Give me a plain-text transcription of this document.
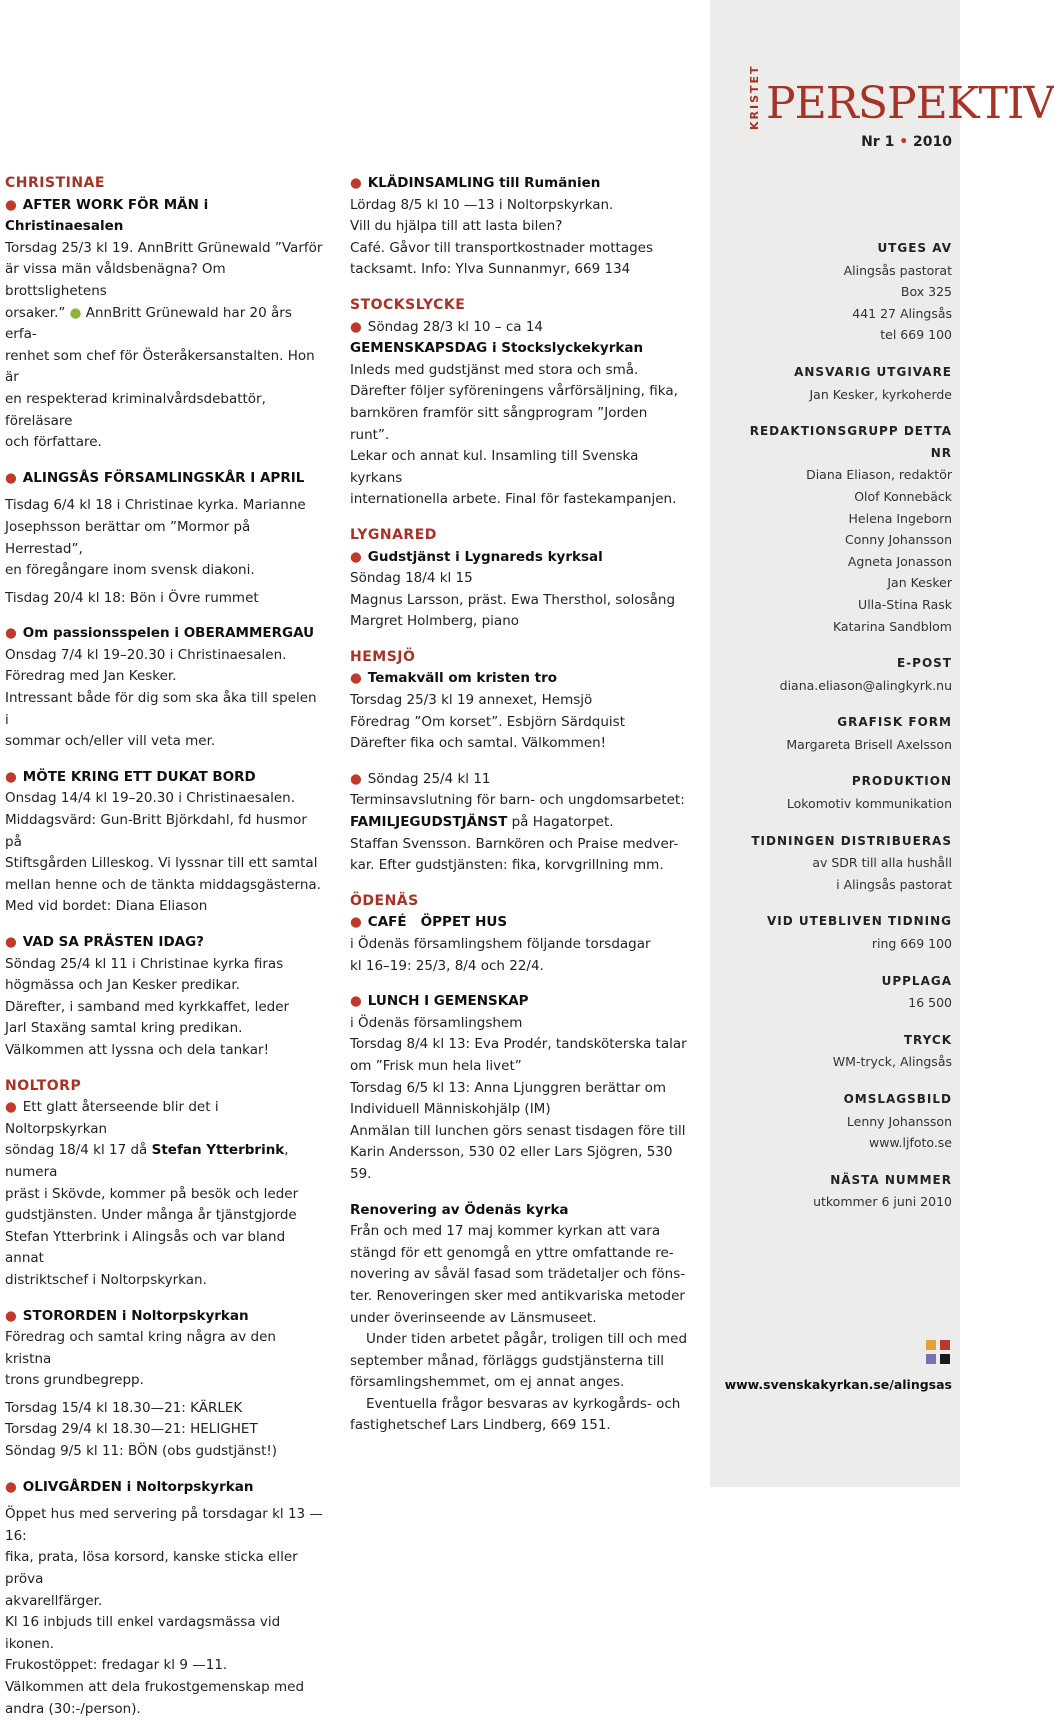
KRISTET PERSPEKTIV
Nr 1 • 2010

CHRISTINAE

● AFTER WORK FÖR MÄN i Christinaesalen

Torsdag 25/3 kl 19. AnnBritt Grünewald ”Varför

är vissa män våldsbenägna? Om brottslighetens

orsaker.” ● AnnBritt Grünewald har 20 års erfa-

renhet som chef för Österåkersanstalten. Hon är

en respekterad kriminalvårdsdebattör, föreläsare

och författare.

● ALINGSÅS FÖRSAMLINGSKÅR I APRIL

Tisdag 6/4 kl 18 i Christinae kyrka. Marianne

Josephsson berättar om ”Mormor på Herrestad”,

en föregångare inom svensk diakoni.

Tisdag 20/4 kl 18: Bön i Övre rummet

● Om passionsspelen i OBERAMMERGAU

Onsdag 7/4 kl 19–20.30 i Christinaesalen.

Föredrag med Jan Kesker.

Intressant både för dig som ska åka till spelen i

sommar och/eller vill veta mer.

● MÖTE KRING ETT DUKAT BORD

Onsdag 14/4 kl 19–20.30 i Christinaesalen.

Middagsvärd: Gun-Britt Björkdahl, fd husmor på

Stiftsgården Lilleskog. Vi lyssnar till ett samtal

mellan henne och de tänkta middagsgästerna.

Med vid bordet: Diana Eliason

● VAD SA PRÄSTEN IDAG?

Söndag 25/4 kl 11 i Christinae kyrka firas

högmässa och Jan Kesker predikar.

Därefter, i samband med kyrkkaffet, leder

Jarl Staxäng samtal kring predikan.

Välkommen att lyssna och dela tankar!

NOLTORP

● Ett glatt återseende blir det i Noltorpskyrkan

söndag 18/4 kl 17 då Stefan Ytterbrink, numera

präst i Skövde, kommer på besök och leder

gudstjänsten. Under många år tjänstgjorde

Stefan Ytterbrink i Alingsås och var bland annat

distriktschef i Noltorpskyrkan.

● STORORDEN i Noltorpskyrkan

Föredrag och samtal kring några av den kristna

trons grundbegrepp.

Torsdag 15/4 kl 18.30—21: KÄRLEK

Torsdag 29/4 kl 18.30—21: HELIGHET

Söndag 9/5 kl 11: BÖN (obs gudstjänst!)

● OLIVGÅRDEN i Noltorpskyrkan

Öppet hus med servering på torsdagar kl 13 —16:

fika, prata, lösa korsord, kanske sticka eller pröva

akvarellfärger.

Kl 16 inbjuds till enkel vardagsmässa vid ikonen.

Frukostöppet: fredagar kl 9 —11.

Välkommen att dela frukostgemenskap med

andra (30:-/person).

● KLÄDINSAMLING till Rumänien

Lördag 8/5 kl 10 —13 i Noltorpskyrkan.

Vill du hjälpa till att lasta bilen?

Café. Gåvor till transportkostnader mottages

tacksamt. Info: Ylva Sunnanmyr, 669 134

STOCKSLYCKE

● Söndag 28/3 kl 10 – ca 14

GEMENSKAPSDAG i Stockslyckekyrkan

Inleds med gudstjänst med stora och små.

Därefter följer syföreningens vårförsäljning, fika,

barnkören framför sitt sångprogram ”Jorden runt”.

Lekar och annat kul. Insamling till Svenska kyrkans

internationella arbete. Final för fastekampanjen.

LYGNARED

● Gudstjänst i Lygnareds kyrksal

Söndag 18/4 kl 15

Magnus Larsson, präst. Ewa Thersthol, solosång

Margret Holmberg, piano

HEMSJÖ

● Temakväll om kristen tro

Torsdag 25/3 kl 19 annexet, Hemsjö

Föredrag ”Om korset”. Esbjörn Särdquist

Därefter fika och samtal. Välkommen!

● Söndag 25/4 kl 11

Terminsavslutning för barn- och ungdomsarbetet:

FAMILJEGUDSTJÄNST på Hagatorpet.

Staffan Svensson. Barnkören och Praise medver-

kar. Efter gudstjänsten: fika, korvgrillning mm.

ÖDENÄS

● CAFÉ   ÖPPET HUS

i Ödenäs församlingshem följande torsdagar

kl 16–19: 25/3, 8/4 och 22/4.

● LUNCH I GEMENSKAP

i Ödenäs församlingshem

Torsdag 8/4 kl 13: Eva Prodér, tandsköterska talar

om ”Frisk mun hela livet”

Torsdag 6/5 kl 13: Anna Ljunggren berättar om

Individuell Människohjälp (IM)

Anmälan till lunchen görs senast tisdagen före till

Karin Andersson, 530 02 eller Lars Sjögren, 530 59.

Renovering av Ödenäs kyrka

Från och med 17 maj kommer kyrkan att vara

stängd för ett genomgå en yttre omfattande re-

novering av såväl fasad som trädetaljer och föns-

ter. Renoveringen sker med antikvariska metoder

under överinseende av Länsmuseet.

Under tiden arbetet pågår, troligen till och med

september månad, förläggs gudstjänsterna till

församlingshemmet, om ej annat anges.

Eventuella frågor besvaras av kyrkogårds- och

fastighetschef Lars Lindberg, 669 151.

UTGES AV

Alingsås pastorat

Box 325

441 27 Alingsås

tel 669 100

ANSVARIG UTGIVARE

Jan Kesker, kyrkoherde

REDAKTIONSGRUPP DETTA NR

Diana Eliason, redaktör

Olof Konnebäck

Helena Ingeborn

Conny Johansson

Agneta Jonasson

Jan Kesker

Ulla-Stina Rask

Katarina Sandblom

E-POST

diana.eliason@alingkyrk.nu

GRAFISK FORM

Margareta Brisell Axelsson

PRODUKTION

Lokomotiv kommunikation

TIDNINGEN DISTRIBUERAS

av SDR till alla hushåll

i Alingsås pastorat

VID UTEBLIVEN TIDNING

ring 669 100

UPPLAGA

16 500

TRYCK

WM-tryck, Alingsås

OMSLAGSBILD

Lenny Johansson

www.ljfoto.se

NÄSTA NUMMER

utkommer 6 juni 2010

www.svenskakyrkan.se/alingsas
